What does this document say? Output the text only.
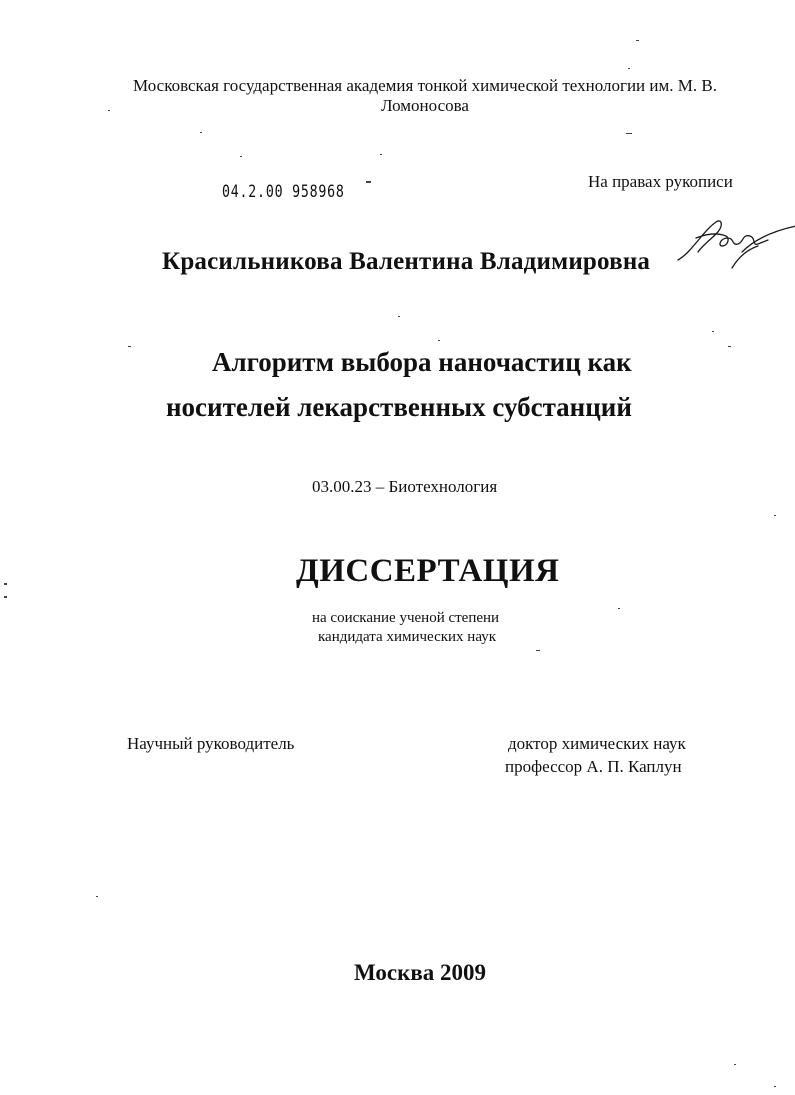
Московская государственная академия тонкой химической технологии им. М. В. Ломоносова
04.2.00 958968
На правах рукописи
Красильникова Валентина Владимировна
Алгоритм выбора наночастиц как
носителей лекарственных субстанций
03.00.23 – Биотехнология
ДИССЕРТАЦИЯ
на соискание ученой степени
кандидата химических наук
Научный руководитель	доктор химических наук
профессор А. П. Каплун
Москва 2009
